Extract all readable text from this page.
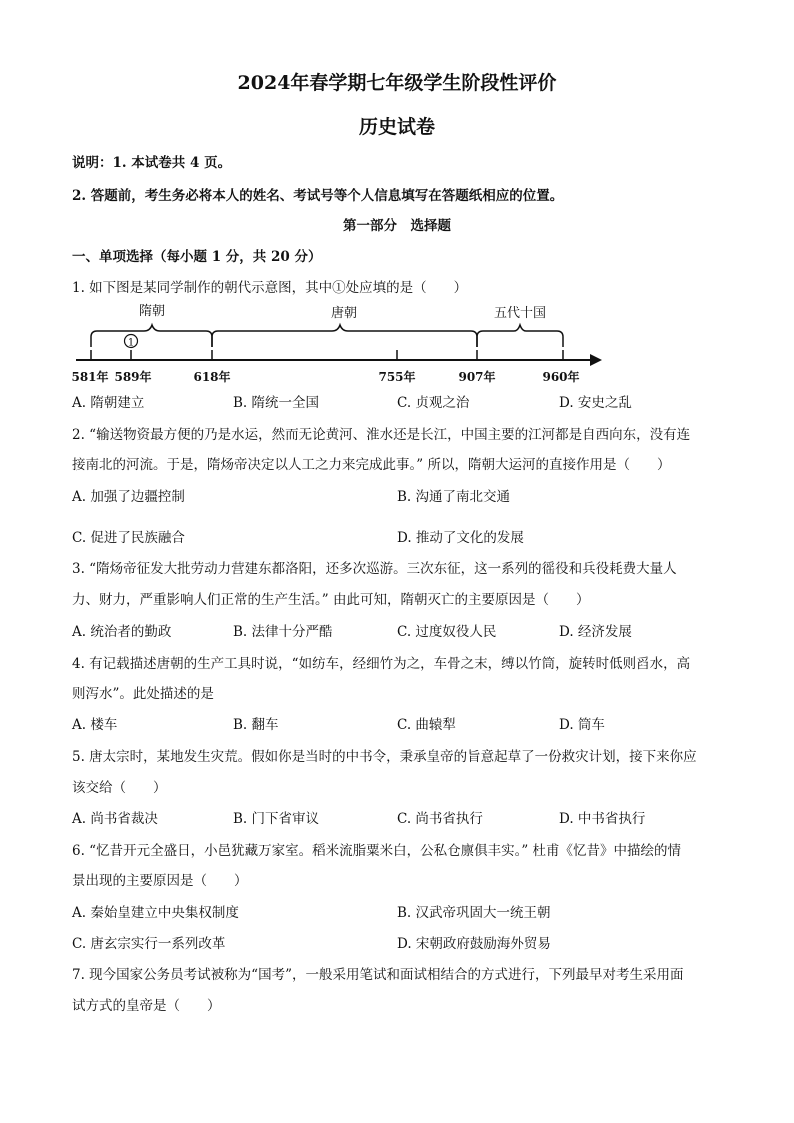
2024年春学期七年级学生阶段性评价
历史试卷
说明：1. 本试卷共 4 页。
2. 答题前，考生务必将本人的姓名、考试号等个人信息填写在答题纸相应的位置。
第一部分　选择题
一、单项选择（每小题 1 分，共 20 分）
1. 如下图是某同学制作的朝代示意图，其中①处应填的是（　　）
隋朝	唐朝	五代十国
1
581年 589年	618年	755年	907年	960年
A. 隋朝建立	B. 隋统一全国	C. 贞观之治	D. 安史之乱
2. “输送物资最方便的乃是水运，然而无论黄河、淮水还是长江，中国主要的江河都是自西向东，没有连
接南北的河流。于是，隋炀帝决定以人工之力来完成此事。” 所以，隋朝大运河的直接作用是（　　）
A. 加强了边疆控制	B. 沟通了南北交通
C. 促进了民族融合	D. 推动了文化的发展
3. “隋炀帝征发大批劳动力营建东都洛阳，还多次巡游。三次东征，这一系列的徭役和兵役耗费大量人
力、财力，严重影响人们正常的生产生活。” 由此可知，隋朝灭亡的主要原因是（　　）
A. 统治者的勤政	B. 法律十分严酷	C. 过度奴役人民	D. 经济发展
4. 有记载描述唐朝的生产工具时说，“如纺车，经细竹为之，车骨之末，缚以竹筒，旋转时低则舀水，高
则泻水”。此处描述的是
A. 楼车	B. 翻车	C. 曲辕犁	D. 筒车
5. 唐太宗时，某地发生灾荒。假如你是当时的中书令，秉承皇帝的旨意起草了一份救灾计划，接下来你应
该交给（　　）
A. 尚书省裁决	B. 门下省审议	C. 尚书省执行	D. 中书省执行
6. “忆昔开元全盛日，小邑犹藏万家室。稻米流脂粟米白，公私仓廪俱丰实。” 杜甫《忆昔》中描绘的情
景出现的主要原因是（　　）
A. 秦始皇建立中央集权制度	B. 汉武帝巩固大一统王朝
C. 唐玄宗实行一系列改革	D. 宋朝政府鼓励海外贸易
7. 现今国家公务员考试被称为“国考”，一般采用笔试和面试相结合的方式进行，下列最早对考生采用面
试方式的皇帝是（　　）
